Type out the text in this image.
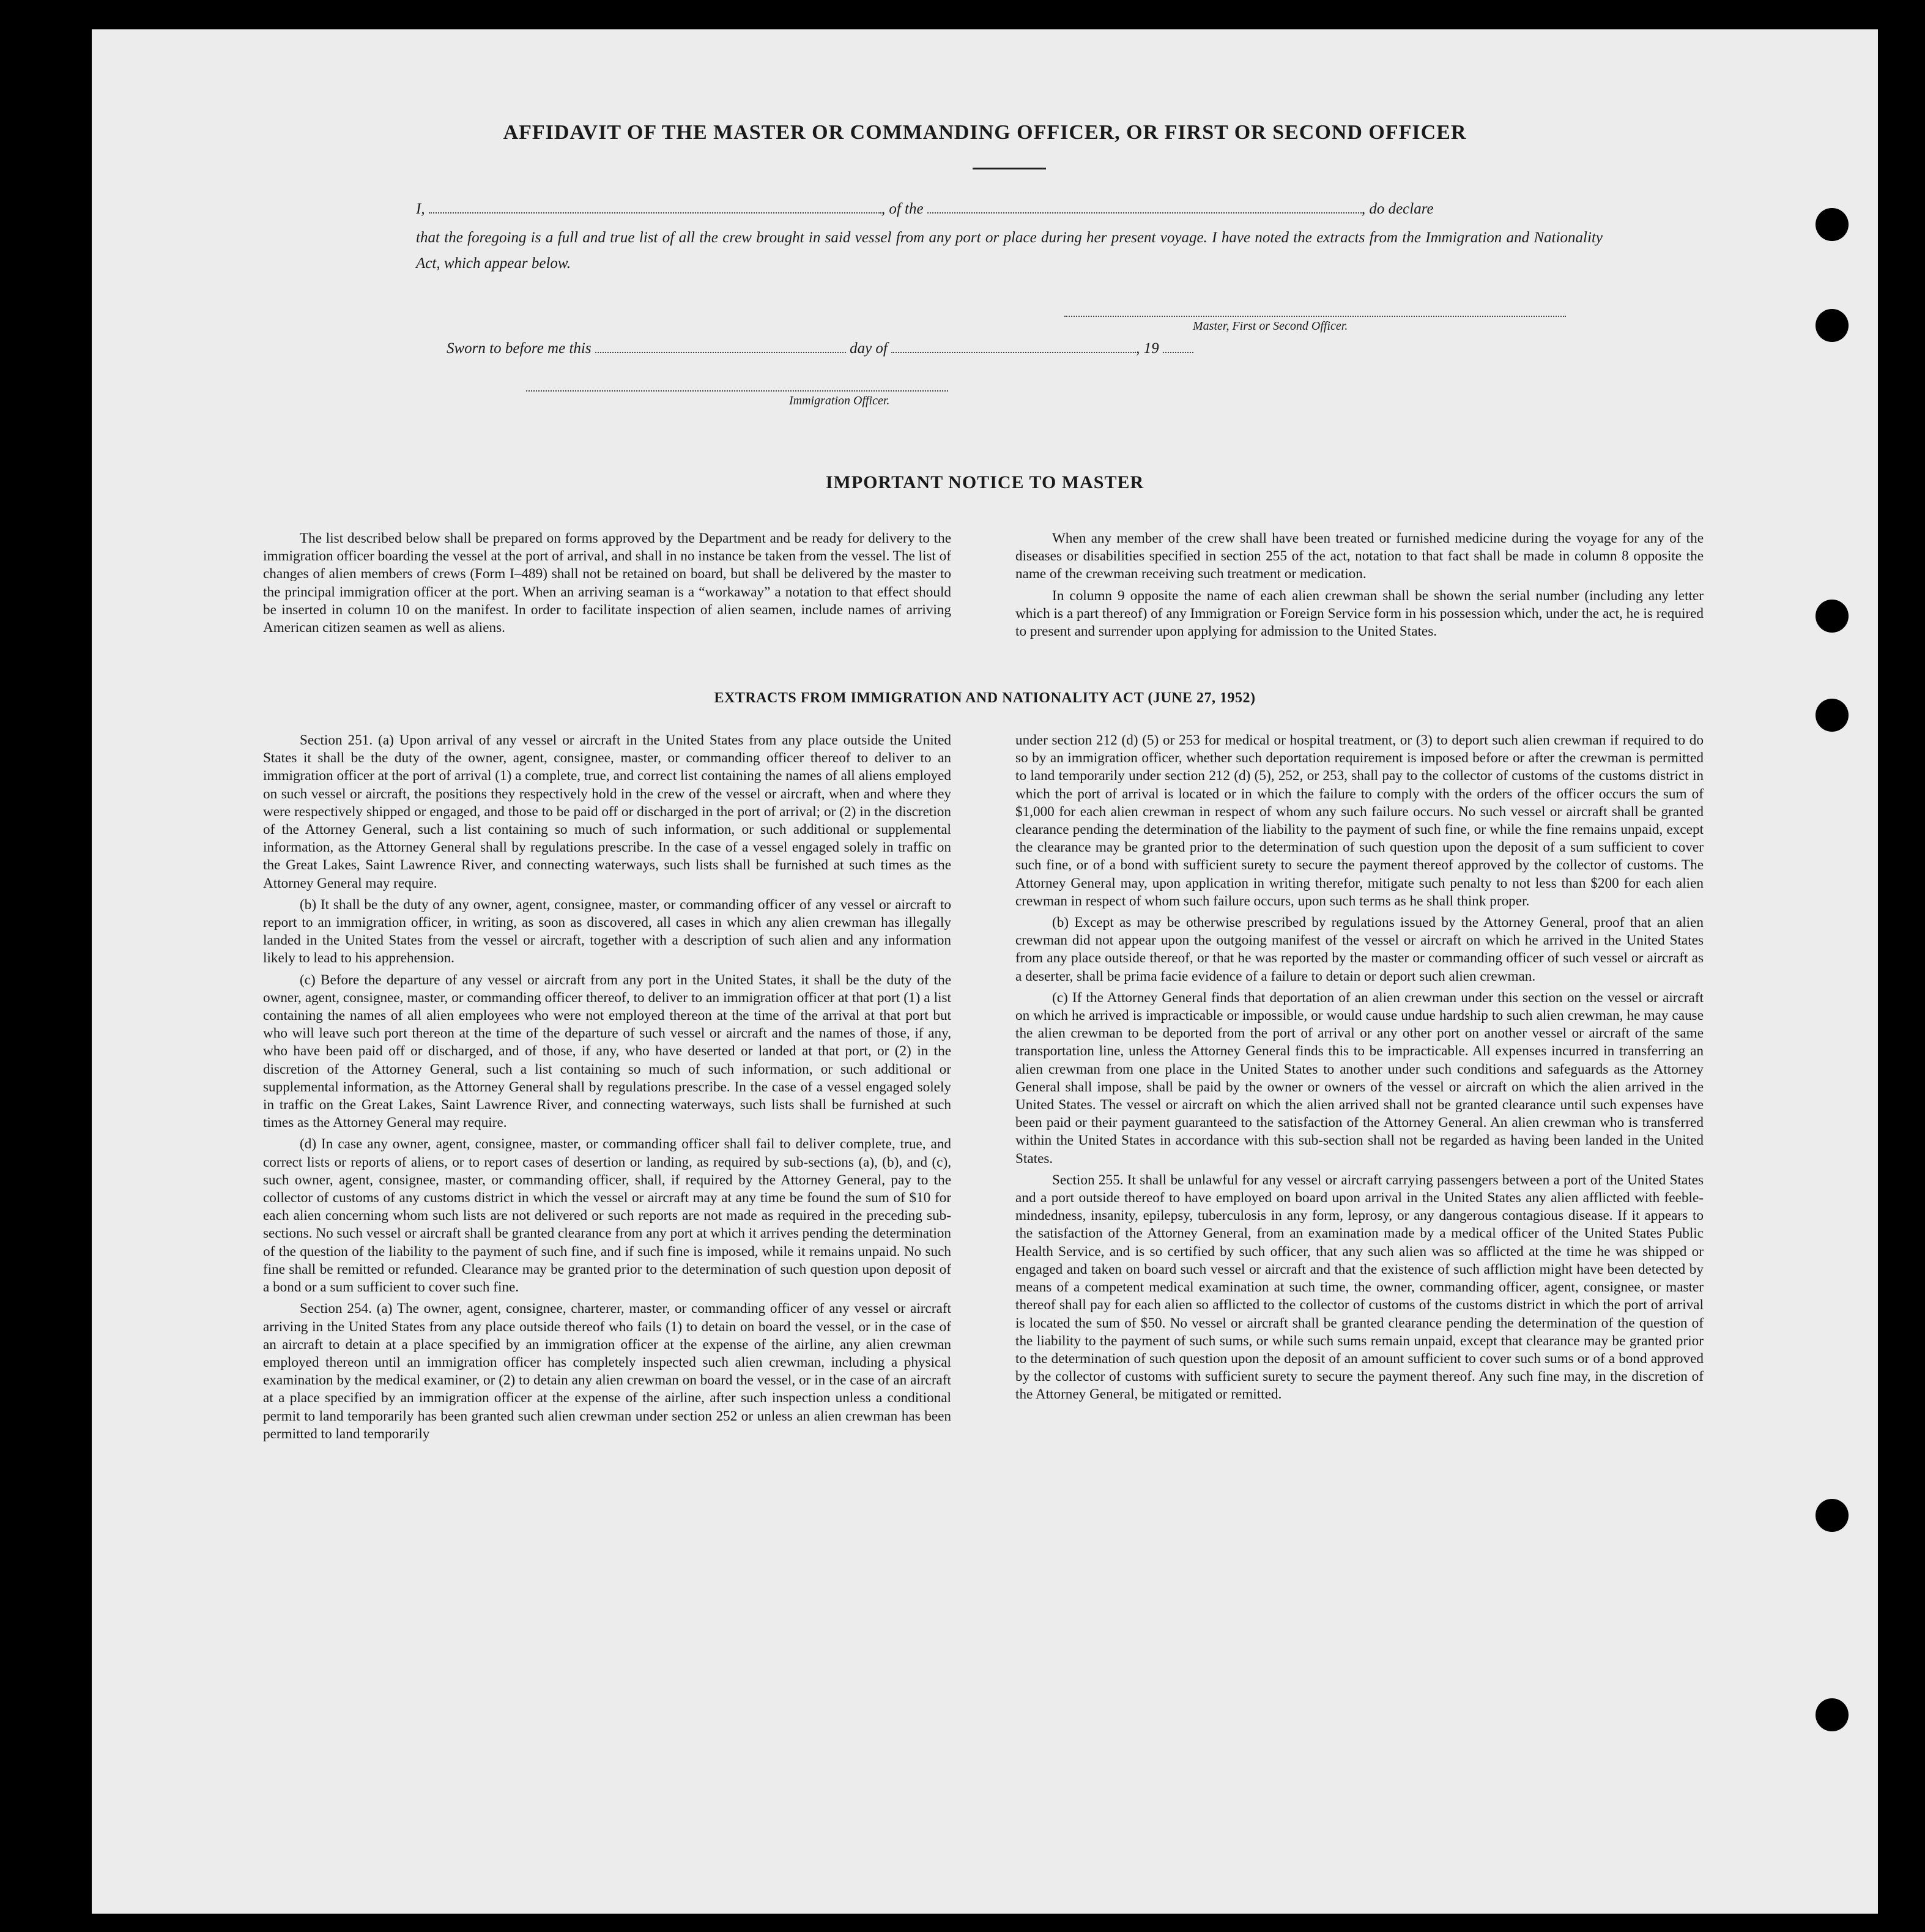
AFFIDAVIT OF THE MASTER OR COMMANDING OFFICER, OR FIRST OR SECOND OFFICER
I,	, of the	, do declare
that the foregoing is a full and true list of all the crew brought in said vessel from any port or place during her present voyage. I have noted the extracts from the Immigration and Nationality Act, which appear below.
Master, First or Second Officer.
Sworn to before me this	day of	, 19
Immigration Officer.
IMPORTANT NOTICE TO MASTER

The list described below shall be prepared on forms approved by the Department and be ready for delivery to the immigration officer boarding the vessel at the port of arrival, and shall in no instance be taken from the vessel. The list of changes of alien members of crews (Form I–489) shall not be retained on board, but shall be delivered by the master to the principal immigration officer at the port. When an arriving seaman is a “workaway” a notation to that effect should be inserted in column 10 on the manifest. In order to facilitate inspection of alien seamen, include names of arriving American citizen seamen as well as aliens.

When any member of the crew shall have been treated or furnished medicine during the voyage for any of the diseases or disabilities specified in section 255 of the act, notation to that fact shall be made in column 8 opposite the name of the crewman receiving such treatment or medication.

In column 9 opposite the name of each alien crewman shall be shown the serial number (including any letter which is a part thereof) of any Immigration or Foreign Service form in his possession which, under the act, he is required to present and surrender upon applying for admission to the United States.

EXTRACTS FROM IMMIGRATION AND NATIONALITY ACT (JUNE 27, 1952)

Section 251. (a) Upon arrival of any vessel or aircraft in the United States from any place outside the United States it shall be the duty of the owner, agent, consignee, master, or commanding officer thereof to deliver to an immigration officer at the port of arrival (1) a complete, true, and correct list containing the names of all aliens employed on such vessel or aircraft, the positions they respectively hold in the crew of the vessel or aircraft, when and where they were respectively shipped or engaged, and those to be paid off or discharged in the port of arrival; or (2) in the discretion of the Attorney General, such a list containing so much of such information, or such additional or supplemental information, as the Attorney General shall by regulations prescribe. In the case of a vessel engaged solely in traffic on the Great Lakes, Saint Lawrence River, and connecting waterways, such lists shall be furnished at such times as the Attorney General may require.

(b) It shall be the duty of any owner, agent, consignee, master, or commanding officer of any vessel or aircraft to report to an immigration officer, in writing, as soon as discovered, all cases in which any alien crewman has illegally landed in the United States from the vessel or aircraft, together with a description of such alien and any information likely to lead to his apprehension.

(c) Before the departure of any vessel or aircraft from any port in the United States, it shall be the duty of the owner, agent, consignee, master, or commanding officer thereof, to deliver to an immigration officer at that port (1) a list containing the names of all alien employees who were not employed thereon at the time of the arrival at that port but who will leave such port thereon at the time of the departure of such vessel or aircraft and the names of those, if any, who have been paid off or discharged, and of those, if any, who have deserted or landed at that port, or (2) in the discretion of the Attorney General, such a list containing so much of such information, or such additional or supplemental information, as the Attorney General shall by regulations prescribe. In the case of a vessel engaged solely in traffic on the Great Lakes, Saint Lawrence River, and connecting waterways, such lists shall be furnished at such times as the Attorney General may require.

(d) In case any owner, agent, consignee, master, or commanding officer shall fail to deliver complete, true, and correct lists or reports of aliens, or to report cases of desertion or landing, as required by sub-sections (a), (b), and (c), such owner, agent, consignee, master, or commanding officer, shall, if required by the Attorney General, pay to the collector of customs of any customs district in which the vessel or aircraft may at any time be found the sum of $10 for each alien concerning whom such lists are not delivered or such reports are not made as required in the preceding sub-sections. No such vessel or aircraft shall be granted clearance from any port at which it arrives pending the determination of the question of the liability to the payment of such fine, and if such fine is imposed, while it remains unpaid. No such fine shall be remitted or refunded. Clearance may be granted prior to the determination of such question upon deposit of a bond or a sum sufficient to cover such fine.

Section 254. (a) The owner, agent, consignee, charterer, master, or commanding officer of any vessel or aircraft arriving in the United States from any place outside thereof who fails (1) to detain on board the vessel, or in the case of an aircraft to detain at a place specified by an immigration officer at the expense of the airline, any alien crewman employed thereon until an immigration officer has completely inspected such alien crewman, including a physical examination by the medical examiner, or (2) to detain any alien crewman on board the vessel, or in the case of an aircraft at a place specified by an immigration officer at the expense of the airline, after such inspection unless a conditional permit to land temporarily has been granted such alien crewman under section 252 or unless an alien crewman has been permitted to land temporarily

under section 212 (d) (5) or 253 for medical or hospital treatment, or (3) to deport such alien crewman if required to do so by an immigration officer, whether such deportation requirement is imposed before or after the crewman is permitted to land temporarily under section 212 (d) (5), 252, or 253, shall pay to the collector of customs of the customs district in which the port of arrival is located or in which the failure to comply with the orders of the officer occurs the sum of $1,000 for each alien crewman in respect of whom any such failure occurs. No such vessel or aircraft shall be granted clearance pending the determination of the liability to the payment of such fine, or while the fine remains unpaid, except the clearance may be granted prior to the determination of such question upon the deposit of a sum sufficient to cover such fine, or of a bond with sufficient surety to secure the payment thereof approved by the collector of customs. The Attorney General may, upon application in writing therefor, mitigate such penalty to not less than $200 for each alien crewman in respect of whom such failure occurs, upon such terms as he shall think proper.

(b) Except as may be otherwise prescribed by regulations issued by the Attorney General, proof that an alien crewman did not appear upon the outgoing manifest of the vessel or aircraft on which he arrived in the United States from any place outside thereof, or that he was reported by the master or commanding officer of such vessel or aircraft as a deserter, shall be prima facie evidence of a failure to detain or deport such alien crewman.

(c) If the Attorney General finds that deportation of an alien crewman under this section on the vessel or aircraft on which he arrived is impracticable or impossible, or would cause undue hardship to such alien crewman, he may cause the alien crewman to be deported from the port of arrival or any other port on another vessel or aircraft of the same transportation line, unless the Attorney General finds this to be impracticable. All expenses incurred in transferring an alien crewman from one place in the United States to another under such conditions and safeguards as the Attorney General shall impose, shall be paid by the owner or owners of the vessel or aircraft on which the alien arrived in the United States. The vessel or aircraft on which the alien arrived shall not be granted clearance until such expenses have been paid or their payment guaranteed to the satisfaction of the Attorney General. An alien crewman who is transferred within the United States in accordance with this sub-section shall not be regarded as having been landed in the United States.

Section 255. It shall be unlawful for any vessel or aircraft carrying passengers between a port of the United States and a port outside thereof to have employed on board upon arrival in the United States any alien afflicted with feeble-mindedness, insanity, epilepsy, tuberculosis in any form, leprosy, or any dangerous contagious disease. If it appears to the satisfaction of the Attorney General, from an examination made by a medical officer of the United States Public Health Service, and is so certified by such officer, that any such alien was so afflicted at the time he was shipped or engaged and taken on board such vessel or aircraft and that the existence of such affliction might have been detected by means of a competent medical examination at such time, the owner, commanding officer, agent, consignee, or master thereof shall pay for each alien so afflicted to the collector of customs of the customs district in which the port of arrival is located the sum of $50. No vessel or aircraft shall be granted clearance pending the determination of the question of the liability to the payment of such sums, or while such sums remain unpaid, except that clearance may be granted prior to the determination of such question upon the deposit of an amount sufficient to cover such sums or of a bond approved by the collector of customs with sufficient surety to secure the payment thereof. Any such fine may, in the discretion of the Attorney General, be mitigated or remitted.
